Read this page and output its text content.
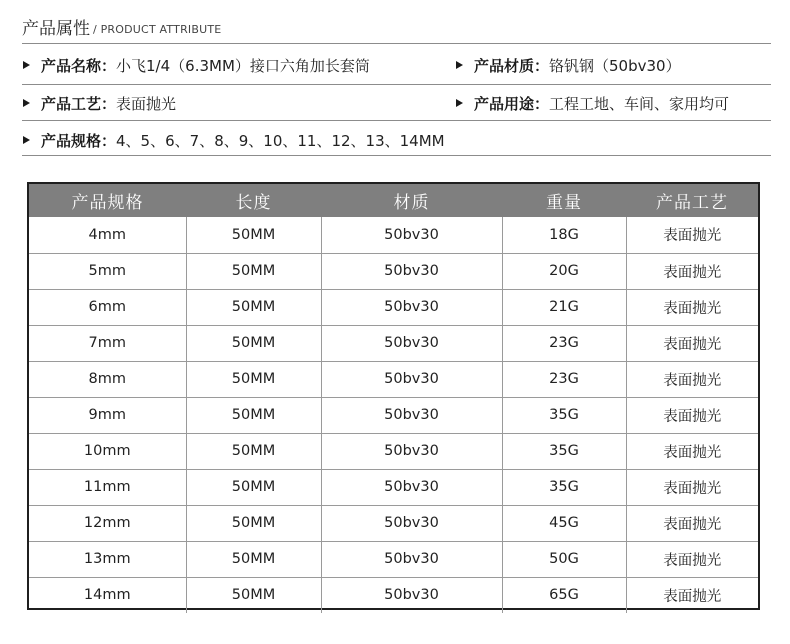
产品属性 / PRODUCT ATTRIBUTE
产品名称： 小飞1/4（6.3MM）接口六角加长套筒	产品材质： 铬钒钢（50bv30）
产品工艺： 表面抛光	产品用途： 工程工地、车间、家用均可
产品规格： 4、5、6、7、8、9、10、11、12、13、14MM
产品规格	长度	材质	重量	产品工艺
4mm	50MM	50bv30	18G	表面抛光
5mm	50MM	50bv30	20G	表面抛光
6mm	50MM	50bv30	21G	表面抛光
7mm	50MM	50bv30	23G	表面抛光
8mm	50MM	50bv30	23G	表面抛光
9mm	50MM	50bv30	35G	表面抛光
10mm	50MM	50bv30	35G	表面抛光
11mm	50MM	50bv30	35G	表面抛光
12mm	50MM	50bv30	45G	表面抛光
13mm	50MM	50bv30	50G	表面抛光
14mm	50MM	50bv30	65G	表面抛光
